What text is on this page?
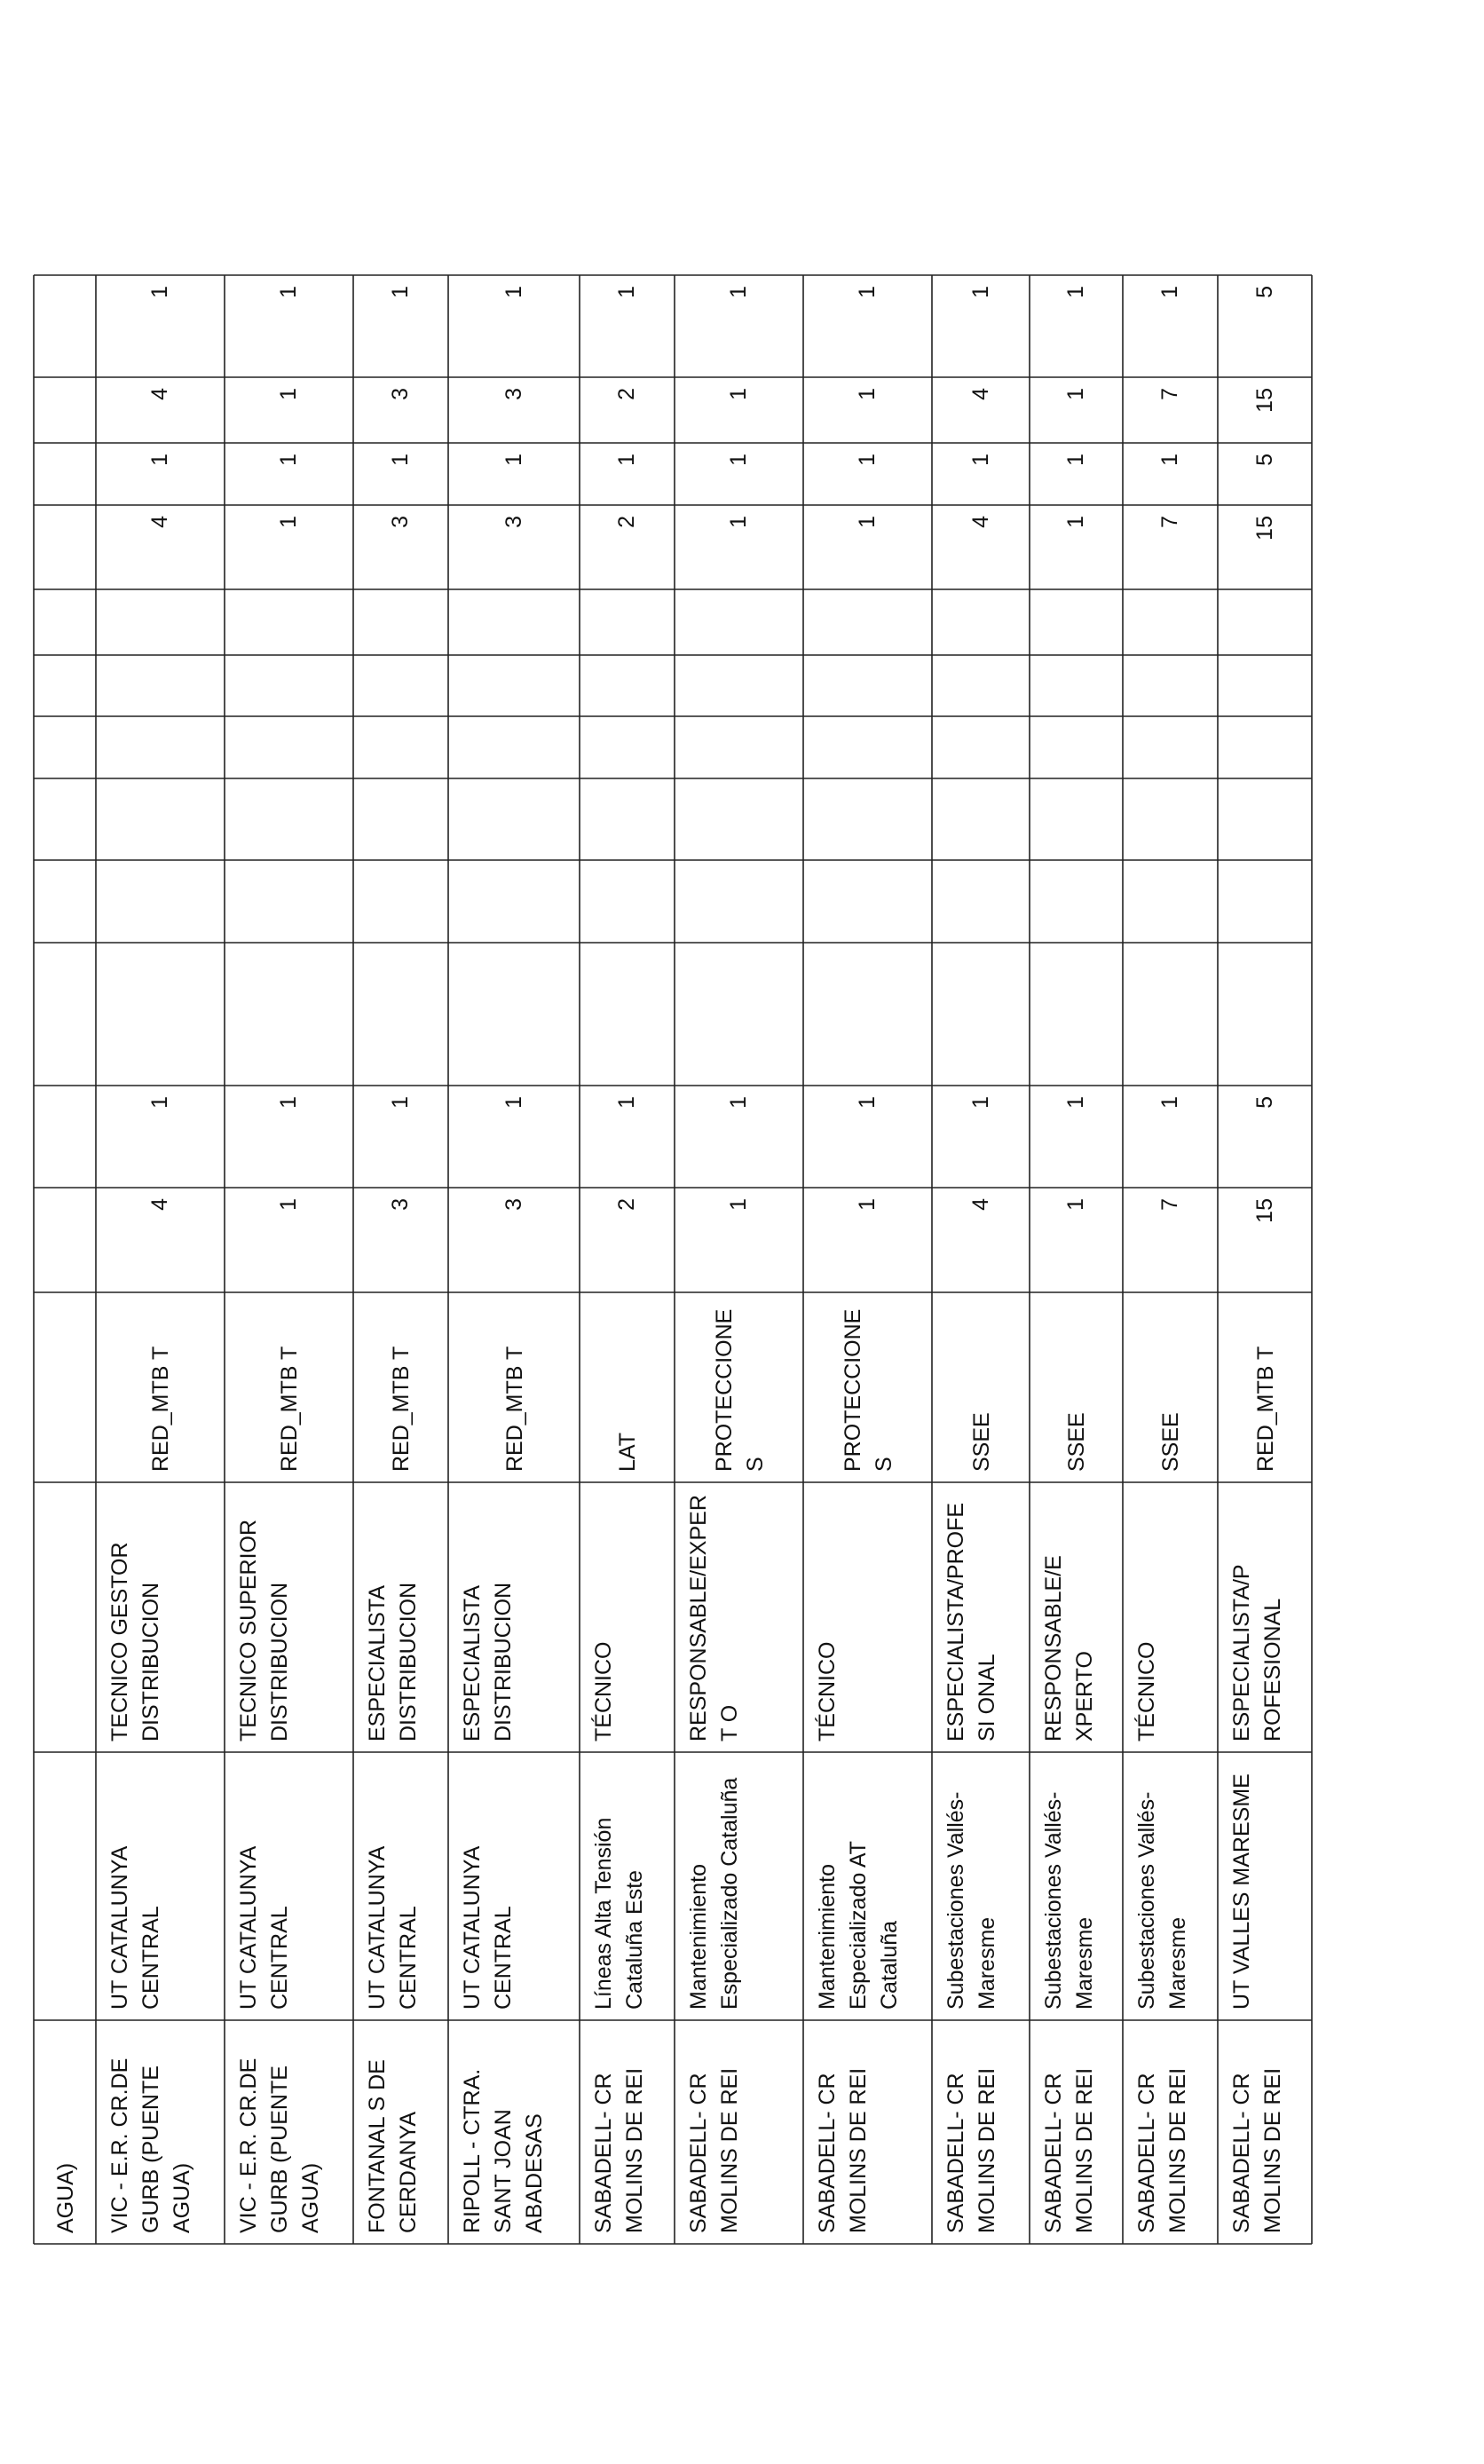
AGUA)	VIC - E.R. CR.DE GURB (PUENTE AGUA)
UT CATALUNYA CENTRAL
TECNICO GESTOR DISTRIBUCION
RED_MTB T
4
1
4
1
4
1
VIC - E.R. CR.DE GURB (PUENTE AGUA)
UT CATALUNYA CENTRAL
TECNICO SUPERIOR DISTRIBUCION
RED_MTB T
1
1
1
1
1
1
FONTANAL S DE CERDANYA
UT CATALUNYA CENTRAL
ESPECIALISTA DISTRIBUCION
RED_MTB T
3
1
3
1
3
1
RIPOLL - CTRA. SANT JOAN ABADESAS
UT CATALUNYA CENTRAL
ESPECIALISTA DISTRIBUCION
RED_MTB T
3
1
3
1
3
1
SABADELL- CR MOLINS DE REI
Líneas Alta Tensión Cataluña Este
TÉCNICO
LAT
2
1
2
1
2
1
SABADELL- CR MOLINS DE REI
Mantenimiento Especializado Cataluña
RESPONSABLE/EXPERT O
PROTECCIONES
1
1
1
1
1
1
SABADELL- CR MOLINS DE REI
Mantenimiento Especializado AT Cataluña
TÉCNICO
PROTECCIONES
1
1
1
1
1
1
SABADELL- CR MOLINS DE REI
Subestaciones Vallés-Maresme
ESPECIALISTA/PROFESI ONAL
SSEE
4
1
4
1
4
1
SABADELL- CR MOLINS DE REI
Subestaciones Vallés-Maresme
RESPONSABLE/E XPERTO
SSEE
1
1
1
1
1
1
SABADELL- CR MOLINS DE REI
Subestaciones Vallés-Maresme
TÉCNICO
SSEE
7
1
7
1
7
1
SABADELL- CR MOLINS DE REI
UT VALLES MARESME
ESPECIALISTA/P ROFESIONAL
RED_MTB T
15
5
15
5
15
5
